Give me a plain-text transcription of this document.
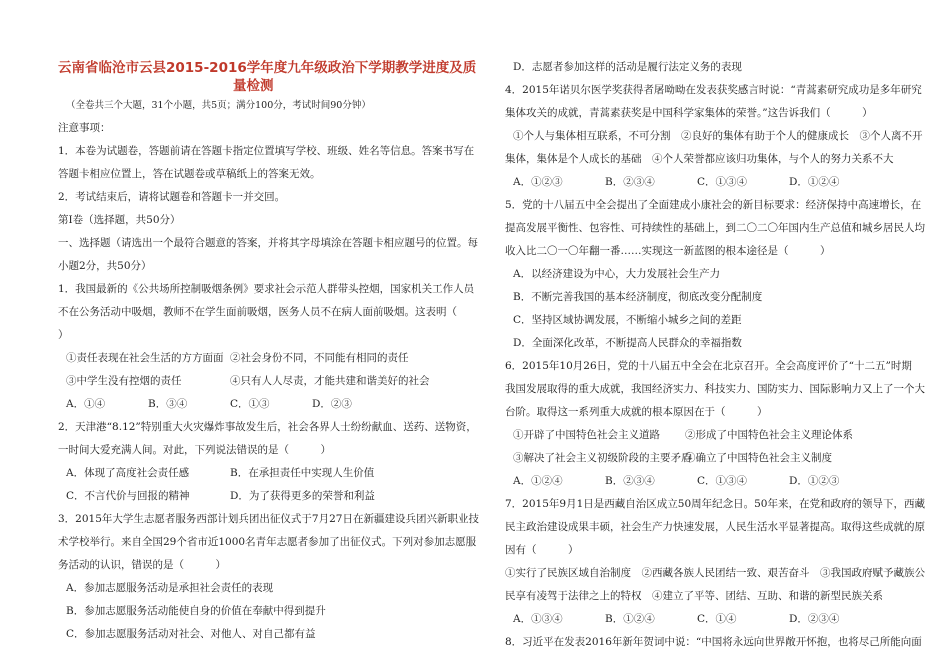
云南省临沧市云县2015-2016学年度九年级政治下学期教学进度及质
量检测
（全卷共三个大题，31个小题，共5页；满分100分，考试时间90分钟）
注意事项：
1．本卷为试题卷，答题前请在答题卡指定位置填写学校、班级、姓名等信息。答案书写在
答题卡相应位置上，答在试题卷或草稿纸上的答案无效。
2．考试结束后，请将试题卷和答题卡一并交回。
第Ⅰ卷（选择题，共50分）
一、选择题（请选出一个最符合题意的答案，并将其字母填涂在答题卡相应题号的位置。每
小题2分，共50分）
1．我国最新的《公共场所控制吸烟条例》要求社会示范人群带头控烟，国家机关工作人员
不在公务活动中吸烟，教师不在学生面前吸烟，医务人员不在病人面前吸烟。这表明（
）
①责任表现在社会生活的方方面面 ②社会身份不同，不同能有相同的责任
③中学生没有控烟的责任	④只有人人尽责，才能共建和谐美好的社会
A．①④	B．③④	C．①③	D．②③
2．天津港“8.12”特别重大火灾爆炸事故发生后，社会各界人士纷纷献血、送药、送物资，
一时间大爱充满人间。对此，下列说法错误的是（　　　）
A．体现了高度社会责任感	B．在承担责任中实现人生价值
C．不言代价与回报的精神	D．为了获得更多的荣誉和利益
3．2015年大学生志愿者服务西部计划兵团出征仪式于7月27日在新疆建设兵团兴新职业技
术学校举行。来自全国29个省市近1000名青年志愿者参加了出征仪式。下列对参加志愿服
务活动的认识，错误的是（　　　）
A．参加志愿服务活动是承担社会责任的表现
B．参加志愿服务活动能使自身的价值在奉献中得到提升
C．参加志愿服务活动对社会、对他人、对自己都有益
D．志愿者参加这样的活动是履行法定义务的表现
4．2015年诺贝尔医学奖获得者屠呦呦在发表获奖感言时说：“青蒿素研究成功是多年研究
集体攻关的成就，青蒿素获奖是中国科学家集体的荣誉。”这告诉我们（　　　）
①个人与集体相互联系，不可分割　②良好的集体有助于个人的健康成长　③个人离不开
集体，集体是个人成长的基础　④个人荣誉都应该归功集体，与个人的努力关系不大
A．①②③	B．②③④	C．①③④	D．①②④
5．党的十八届五中全会提出了全面建成小康社会的新目标要求：经济保持中高速增长，在
提高发展平衡性、包容性、可持续性的基础上，到二〇二〇年国内生产总值和城乡居民人均
收入比二〇一〇年翻一番……实现这一新蓝图的根本途径是（　　　）
A．以经济建设为中心，大力发展社会生产力
B．不断完善我国的基本经济制度，彻底改变分配制度
C．坚持区域协调发展，不断缩小城乡之间的差距
D．全面深化改革，不断提高人民群众的幸福指数
6．2015年10月26日，党的十八届五中全会在北京召开。全会高度评价了“十二五”时期
我国发展取得的重大成就，我国经济实力、科技实力、国防实力、国际影响力又上了一个大
台阶。取得这一系列重大成就的根本原因在于（　　　）
①开辟了中国特色社会主义道路 ②形成了中国特色社会主义理论体系
③解决了社会主义初级阶段的主要矛盾
④确立了中国特色社会主义制度
A．①②④	B．②③④	C．①③④	D．①②③
7．2015年9月1日是西藏自治区成立50周年纪念日。50年来，在党和政府的领导下，西藏
民主政治建设成果丰硕，社会生产力快速发展，人民生活水平显著提高。取得这些成就的原
因有（　　　）
①实行了民族区域自治制度　②西藏各族人民团结一致、艰苦奋斗　③我国政府赋予藏族公
民享有凌驾于法律之上的特权　④建立了平等、团结、互助、和谐的新型民族关系
A．①③④	B．①②④	C．①④	D．②③④
8．习近平在发表2016年新年贺词中说：“中国将永远向世界敞开怀抱，也将尽己所能向面
